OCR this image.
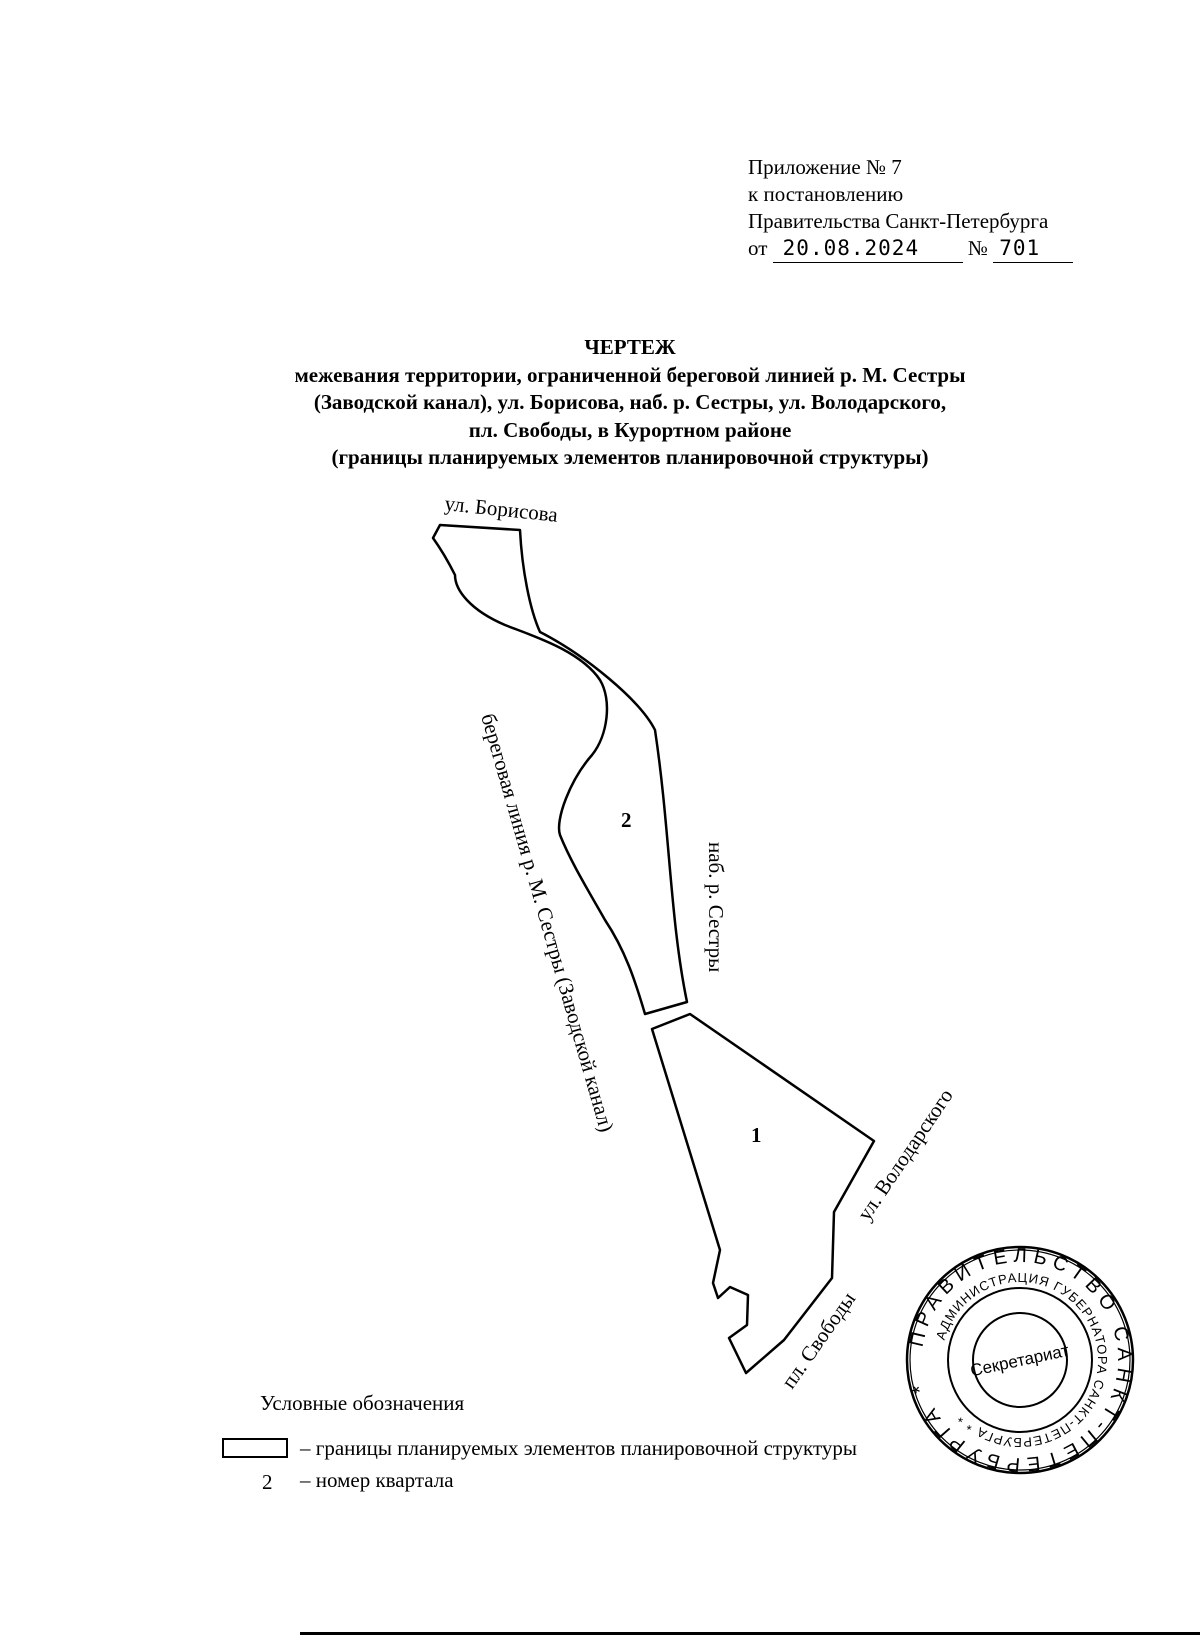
Приложение № 7
к постановлению
Правительства Санкт-Петербурга
от 20.08.2024 № 701
ЧЕРТЕЖ
межевания территории, ограниченной береговой линией р. М. Сестры
(Заводской канал), ул. Борисова, наб. р. Сестры, ул. Володарского,
пл. Свободы, в Курортном районе
(границы планируемых элементов планировочной структуры)
ул. Борисова
береговая линия р. М. Сестры (Заводской канал)	наб. р. Сестры
ул. Володарского
пл. Свободы
2
1
ПРАВИТЕЛЬСТВО САНКТ-ПЕТЕРБУРГА *
АДМИНИСТРАЦИЯ ГУБЕРНАТОРА САНКТ-ПЕТЕРБУРГА * *
Секретариат
Условные обозначения
– границы планируемых элементов планировочной структуры
2 – номер квартала
